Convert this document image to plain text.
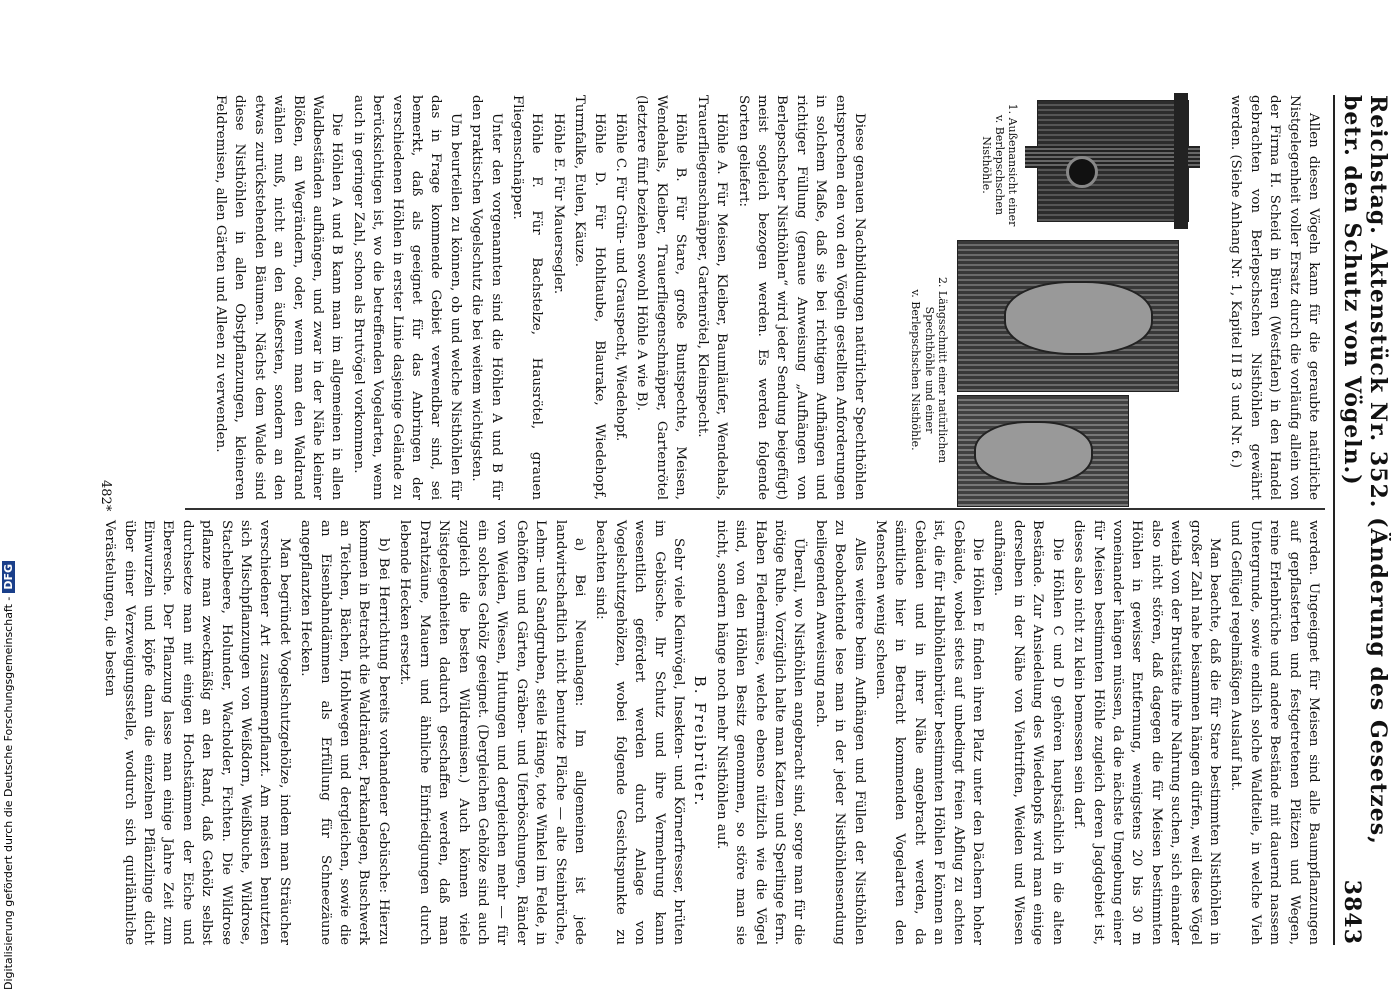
Reichstag. Aktenstück Nr. 352. (Änderung des Gesetzes, betr. den Schutz von Vögeln.)
3843

Allen diesen Vögeln kann für die geraubte natürliche Nistgelegenheit voller Ersatz durch die vorläufig allein von der Firma H. Scheid in Büren (Westfalen) in den Handel gebrachten von Berlepschschen Nisthöhlen gewährt werden. (Siehe Anhang Nr. 1, Kapitel II B 3 und Nr. 6.)

1. Außenansicht einer v. Berlepschschen Nisthöhle.
2. Längsschnitt einer natürlichen Spechthöhle und einer
v. Berlepschschen Nisthöhle.

Diese genauen Nachbildungen natürlicher Spechthöhlen entsprechen den von den Vögeln gestellten Anforderungen in solchem Maße, daß sie bei richtigem Aufhängen und richtiger Füllung (genaue Anweisung „Aufhängen von Berlepschscher Nisthöhlen“ wird jeder Sendung beigefügt) meist sogleich bezogen werden. Es werden folgende Sorten geliefert:

Höhle A. Für Meisen, Kleiber, Baumläufer, Wendehals, Trauerfliegenschnäpper, Gartenrötel, Kleinspecht.

Höhle B. Für Stare, große Buntspechte, Meisen, Wendehals, Kleiber, Trauerfliegenschnäpper, Gartenrötel (letztere fünf beziehen sowohl Höhle A wie B).

Höhle C. Für Grün- und Grauspecht, Wiedehopf.

Höhle D. Für Hohltaube, Blaurake, Wiedehopf, Turmfalke, Eulen, Käuze.

Höhle E. Für Mauersegler.

Höhle F. Für Bachstelze, Hausrötel, grauen Fliegenschnäpper.

Unter den vorgenannten sind die Höhlen A und B für den praktischen Vogelschutz die bei weitem wichtigsten.

Um beurteilen zu können, ob und welche Nisthöhlen für das in Frage kommende Gebiet verwendbar sind, sei bemerkt, daß als geeignet für das Anbringen der verschiedenen Höhlen in erster Linie dasjenige Gelände zu berücksichtigen ist, wo die betreffenden Vogelarten, wenn auch in geringer Zahl, schon als Brutvögel vorkommen.

Die Höhlen A und B kann man im allgemeinen in allen Waldbeständen aufhängen, und zwar in der Nähe kleiner Blößen, an Wegrändern, oder, wenn man den Waldrand wählen muß, nicht an den äußersten, sondern an den etwas zurückstehenden Bäumen. Nächst dem Walde sind diese Nisthöhlen in allen Obstpflanzungen, kleineren Feldremisen, allen Gärten und Alleen zu verwenden.

werden. Ungeeignet für Meisen sind alle Baumpflanzungen auf gepflasterten und festgetretenen Plätzen und Wegen, reine Erlenbrüche und andere Bestände mit dauernd nassem Untergrunde, sowie endlich solche Waldteile, in welche Vieh und Geflügel regelmäßigen Auslauf hat.

Man beachte, daß die für Stare bestimmten Nisthöhlen in großer Zahl nahe beisammen hängen dürfen, weil diese Vögel weitab von der Brutstätte ihre Nahrung suchen, sich einander also nicht stören, daß dagegen die für Meisen bestimmten Höhlen in gewisser Entfernung, wenigstens 20 bis 30 m voneinander hängen müssen, da die nächste Umgebung einer für Meisen bestimmten Höhle zugleich deren Jagdgebiet ist, dieses also nicht zu klein bemessen sein darf.

Die Höhlen C und D gehören hauptsächlich in die alten Bestände. Zur Ansiedelung des Wiedehopfs wird man einige derselben in der Nähe von Viehtriften, Weiden und Wiesen aufhängen.

Die Höhlen E finden ihren Platz unter den Dächern hoher Gebäude, wobei stets auf unbedingt freien Abflug zu achten ist, die für Halbhöhlenbrüter bestimmten Höhlen F können an Gebäuden und in ihrer Nähe angebracht werden, da sämtliche hier in Betracht kommenden Vogelarten den Menschen wenig scheuen.

Alles weitere beim Aufhängen und Füllen der Nisthöhlen zu Beobachtende lese man in der jeder Nisthöhlensendung beiliegenden Anweisung nach.

Überall, wo Nisthöhlen angebracht sind, sorge man für die nötige Ruhe. Vorzüglich halte man Katzen und Sperlinge fern. Haben Fledermäuse, welche ebenso nützlich wie die Vögel sind, von den Höhlen Besitz genommen, so störe man sie nicht, sondern hänge noch mehr Nisthöhlen auf.

B. Freibrüter.

Sehr viele Kleinvögel, Insekten- und Körnerfresser, brüten im Gebüsche. Ihr Schutz und ihre Vermehrung kann wesentlich gefördert werden durch Anlage von Vogelschutzgehölzen, wobei folgende Gesichtspunkte zu beachten sind:

a) Bei Neuanlagen: Im allgemeinen ist jede landwirtschaftlich nicht benutzte Fläche — alte Steinbrüche, Lehm- und Sandgruben, steile Hänge, tote Winkel im Felde, in Gehöften und Gärten, Gräben- und Uferböschungen, Ränder von Weiden, Wiesen, Hutungen und dergleichen mehr — für ein solches Gehölz geeignet. (Dergleichen Gehölze sind auch zugleich die besten Wildremisen.) Auch können viele Nistgelegenheiten dadurch geschaffen werden, daß man Drahtzäune, Mauern und ähnliche Einfriedigungen durch lebende Hecken ersetzt.

b) Bei Herrichtung bereits vorhandener Gebüsche: Hierzu kommen in Betracht die Waldränder, Parkanlagen, Buschwerk an Teichen, Bächen, Hohlwegen und dergleichen, sowie die an Eisenbahndämmen als Erfüllung für Schneezäune angepflanzten Hecken.

Man begründet Vogelschutzgehölze, indem man Sträucher verschiedener Art zusammenpflanzt. Am meisten benutzten sich Mischpflanzungen von Weißdorn, Weißbuche, Wildrose, Stachelbeere, Holunder, Wacholder, Fichten. Die Wildrose pflanze man zweckmäßig an den Rand, daß Gehölz selbst durchsetze man mit einigen Hochstämmen der Eiche und Eberesche. Der Pflanzung lasse man einige Jahre Zeit zum Einwurzeln und köpfe dann die einzelnen Pflänzlinge dicht über einer Verzweigungsstelle, wodurch sich quirlähnliche Verästelungen, die besten

482*
Digitalisierung gefördert durch die Deutsche Forschungsgemeinschaft -DFG
